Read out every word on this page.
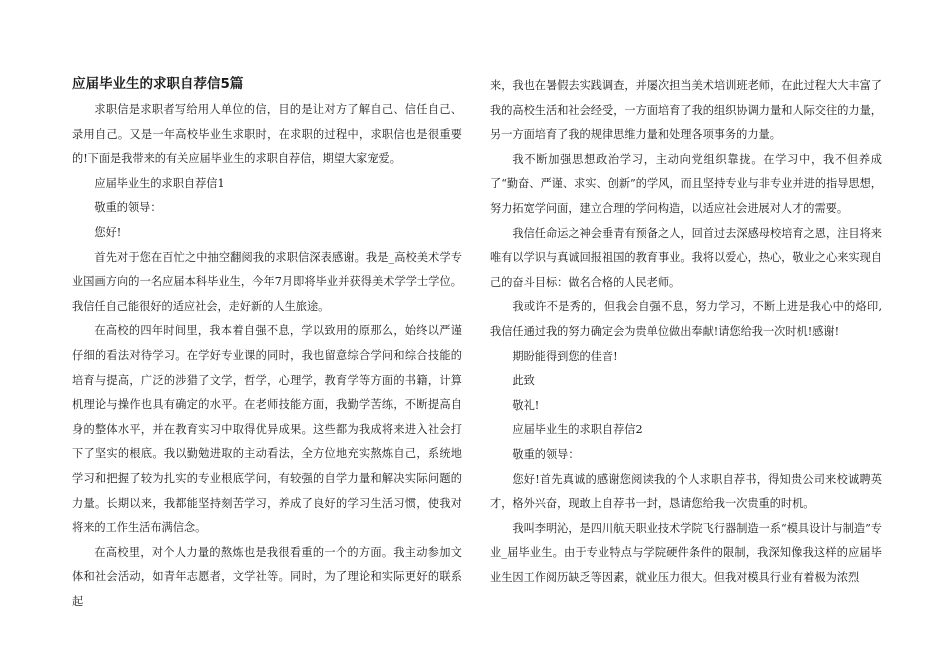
应届毕业生的求职自荐信5篇

求职信是求职者写给用人单位的信，目的是让对方了解自己、信任自己、录用自己。又是一年高校毕业生求职时，在求职的过程中，求职信也是很重要的!下面是我带来的有关应届毕业生的求职自荐信，期望大家宠爱。

应届毕业生的求职自荐信1

敬重的领导：

您好!

首先对于您在百忙之中抽空翻阅我的求职信深表感谢。我是_高校美术学专业国画方向的一名应届本科毕业生，今年7月即将毕业并获得美术学学士学位。我信任自己能很好的适应社会，走好新的人生旅途。

在高校的四年时间里，我本着自强不息，学以致用的原那么，始终以严谨仔细的看法对待学习。在学好专业课的同时，我也留意综合学问和综合技能的培育与提高，广泛的涉猎了文学，哲学，心理学，教育学等方面的书籍，计算机理论与操作也具有确定的水平。在老师技能方面，我勤学苦练，不断提高自身的整体水平，并在教育实习中取得优异成果。这些都为我成将来进入社会打下了坚实的根底。我以勤勉进取的主动看法，全方位地充实熬炼自己，系统地学习和把握了较为扎实的专业根底学问，有较强的自学力量和解决实际问题的力量。长期以来，我都能坚持刻苦学习，养成了良好的学习生活习惯，使我对将来的工作生活布满信念。

在高校里，对个人力量的熬炼也是我很看重的一个的方面。我主动参加文体和社会活动，如青年志愿者，文学社等。同时，为了理论和实际更好的联系起

来，我也在暑假去实践调查，并屡次担当美术培训班老师，在此过程大大丰富了我的高校生活和社会经受，一方面培育了我的组织协调力量和人际交往的力量，另一方面培育了我的规律思维力量和处理各项事务的力量。

我不断加强思想政治学习，主动向党组织靠拢。在学习中，我不但养成了“勤奋、严谨、求实、创新”的学风，而且坚持专业与非专业并进的指导思想，努力拓宽学问面，建立合理的学问构造，以适应社会进展对人才的需要。

我信任命运之神会垂青有预备之人，回首过去深感母校培育之恩，注目将来唯有以学识与真诚回报祖国的教育事业。我将以爱心，热心，敬业之心来实现自己的奋斗目标：做名合格的人民老师。

我或许不是秀的，但我会自强不息，努力学习，不断上进是我心中的烙印,我信任通过我的努力确定会为贵单位做出奉献!请您给我一次时机!感谢!

期盼能得到您的佳音!

此致

敬礼!

应届毕业生的求职自荐信2

敬重的领导：

您好!首先真诚的感谢您阅读我的个人求职自荐书，得知贵公司来校诚聘英才，格外兴奋，现敢上自荐书一封，恳请您给我一次贵重的时机。

我叫李明沁，是四川航天职业技术学院飞行器制造一系“模具设计与制造”专业_届毕业生。由于专业特点与学院硬件条件的限制，我深知像我这样的应届毕业生因工作阅历缺乏等因素，就业压力很大。但我对模具行业有着极为浓烈
